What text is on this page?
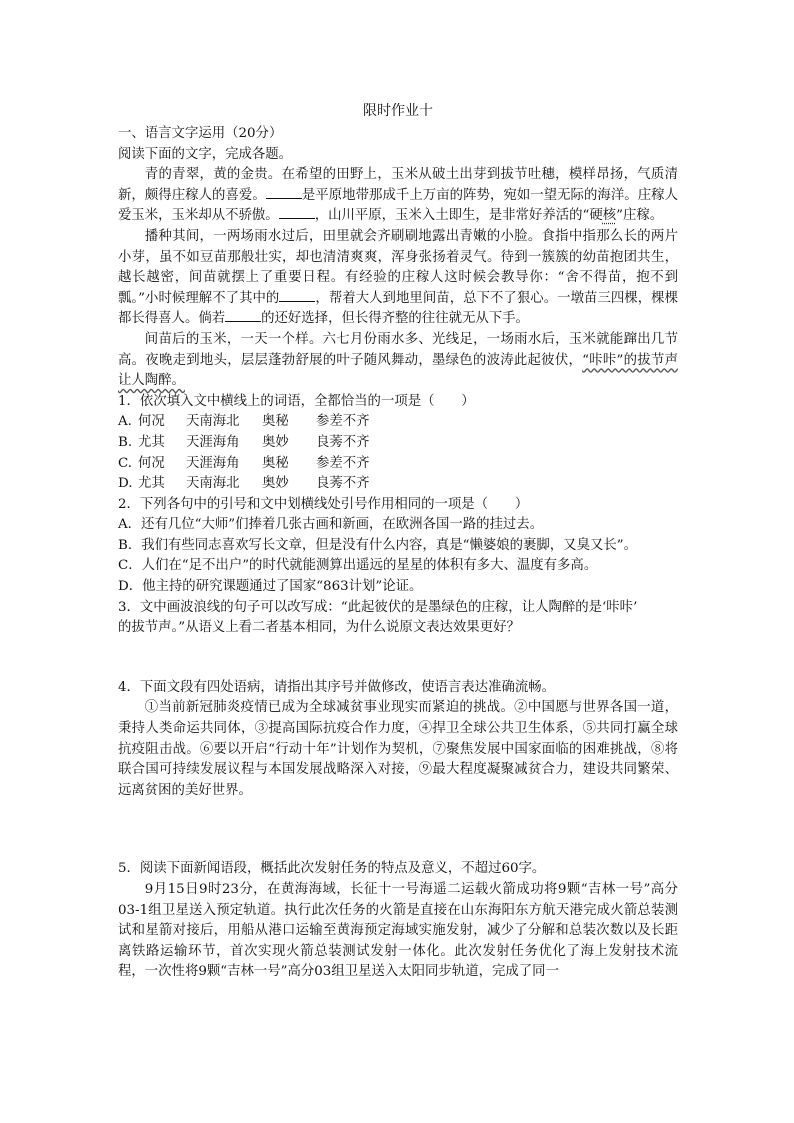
限时作业十
一、语言文字运用（20分）
阅读下面的文字，完成各题。

青的青翠，黄的金贵。在希望的田野上，玉米从破土出芽到拔节吐穗，模样昂扬，气质清新，颇得庄稼人的喜爱。	是平原地带那成千上万亩的阵势，宛如一望无际的海洋。庄稼人爱玉米，玉米却从不骄傲。	，山川平原，玉米入土即生，是非常好养活的“硬核”庄稼。

播种其间，一两场雨水过后，田里就会齐刷刷地露出青嫩的小脸。食指中指那么长的两片小芽，虽不如豆苗那般壮实，却也清清爽爽，浑身张扬着灵气。待到一簇簇的幼苗抱团共生，越长越密，间苗就摆上了重要日程。有经验的庄稼人这时候会教导你：“舍不得苗，抱不到瓢。”小时候理解不了其中的	，帮着大人到地里间苗，总下不了狠心。一墩苗三四棵，棵棵都长得喜人。倘若	的还好选择，但长得齐整的往往就无从下手。

间苗后的玉米，一天一个样。六七月份雨水多、光线足，一场雨水后，玉米就能蹿出几节高。夜晚走到地头，层层蓬勃舒展的叶子随风舞动，墨绿色的波涛此起彼伏，“咔咔”的拔节声让人陶醉。

1．依次填入文中横线上的词语，全都恰当的一项是（　　）
A. 何况 天南海北 奥秘 参差不齐
B. 尤其 天涯海角 奥妙 良莠不齐
C. 何况 天涯海角 奥秘 参差不齐
D. 尤其 天南海北 奥妙 良莠不齐
2．下列各句中的引号和文中划横线处引号作用相同的一项是（　　）
A．还有几位“大师”们捧着几张古画和新画，在欧洲各国一路的挂过去。
B．我们有些同志喜欢写长文章，但是没有什么内容，真是“懒婆娘的裹脚，又臭又长”。
C．人们在“足不出户”的时代就能测算出遥远的星星的体积有多大、温度有多高。
D．他主持的研究课题通过了国家“863计划”论证。
3．文中画波浪线的句子可以改写成：“此起彼伏的是墨绿色的庄稼，让人陶醉的是‘咔咔’
的拔节声。”从语义上看二者基本相同，为什么说原文表达效果更好？
4．下面文段有四处语病，请指出其序号并做修改，使语言表达准确流畅。

①当前新冠肺炎疫情已成为全球减贫事业现实而紧迫的挑战。②中国愿与世界各国一道，秉持人类命运共同体，③提高国际抗疫合作力度，④捍卫全球公共卫生体系，⑤共同打赢全球抗疫阻击战。⑥要以开启“行动十年”计划作为契机，⑦聚焦发展中国家面临的困难挑战，⑧将联合国可持续发展议程与本国发展战略深入对接，⑨最大程度凝聚减贫合力，建设共同繁荣、远离贫困的美好世界。

5．阅读下面新闻语段，概括此次发射任务的特点及意义，不超过60字。

9月15日9时23分，在黄海海域，长征十一号海遥二运载火箭成功将9颗“吉林一号”高分03-1组卫星送入预定轨道。执行此次任务的火箭是直接在山东海阳东方航天港完成火箭总装测试和星箭对接后，用船从港口运输至黄海预定海域实施发射，减少了分解和总装次数以及长距离铁路运输环节，首次实现火箭总装测试发射一体化。此次发射任务优化了海上发射技术流程，一次性将9颗“吉林一号”高分03组卫星送入太阳同步轨道，完成了同一
